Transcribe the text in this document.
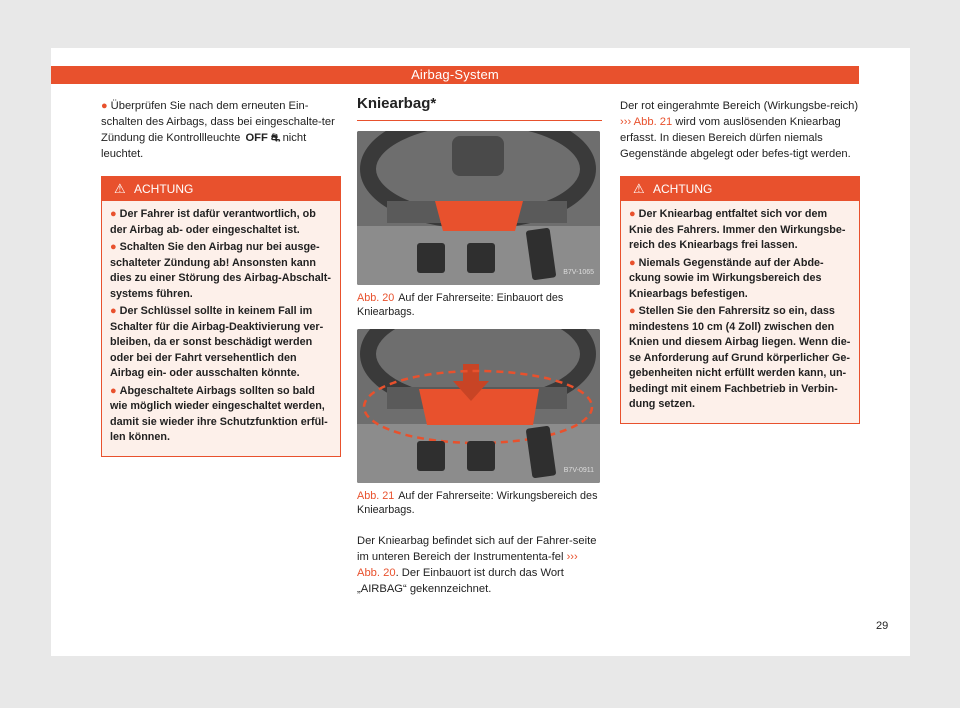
Airbag-System
● Überprüfen Sie nach dem erneuten Ein-schalten des Airbags, dass bei eingeschalte-ter Zündung die Kontrollleuchte OFF ⛐ nicht leuchtet.
⚠ ACHTUNG
● Der Fahrer ist dafür verantwortlich, ob der Airbag ab- oder eingeschaltet ist.
● Schalten Sie den Airbag nur bei ausge-schalteter Zündung ab! Ansonsten kann dies zu einer Störung des Airbag-Abschalt-systems führen.
● Der Schlüssel sollte in keinem Fall im Schalter für die Airbag-Deaktivierung ver-bleiben, da er sonst beschädigt werden oder bei der Fahrt versehentlich den Airbag ein- oder ausschalten könnte.
● Abgeschaltete Airbags sollten so bald wie möglich wieder eingeschaltet werden, damit sie wieder ihre Schutzfunktion erfül-len können.
Kniearbag*
B7V-1065
Abb. 20 Auf der Fahrerseite: Einbauort des Kniearbags.
B7V-0911
Abb. 21 Auf der Fahrerseite: Wirkungsbereich des Kniearbags.
Der Kniearbag befindet sich auf der Fahrer-seite im unteren Bereich der Instrumententa-fel ››› Abb. 20. Der Einbauort ist durch das Wort „AIRBAG“ gekennzeichnet.
Der rot eingerahmte Bereich (Wirkungsbe-reich) ››› Abb. 21 wird vom auslösenden Kniearbag erfasst. In diesen Bereich dürfen niemals Gegenstände abgelegt oder befes-tigt werden.
⚠ ACHTUNG
● Der Kniearbag entfaltet sich vor dem Knie des Fahrers. Immer den Wirkungsbe-reich des Kniearbags frei lassen.
● Niemals Gegenstände auf der Abde-ckung sowie im Wirkungsbereich des Kniearbags befestigen.
● Stellen Sie den Fahrersitz so ein, dass mindestens 10 cm (4 Zoll) zwischen den Knien und diesem Airbag liegen. Wenn die-se Anforderung auf Grund körperlicher Ge-gebenheiten nicht erfüllt werden kann, un-bedingt mit einem Fachbetrieb in Verbin-dung setzen.
29
